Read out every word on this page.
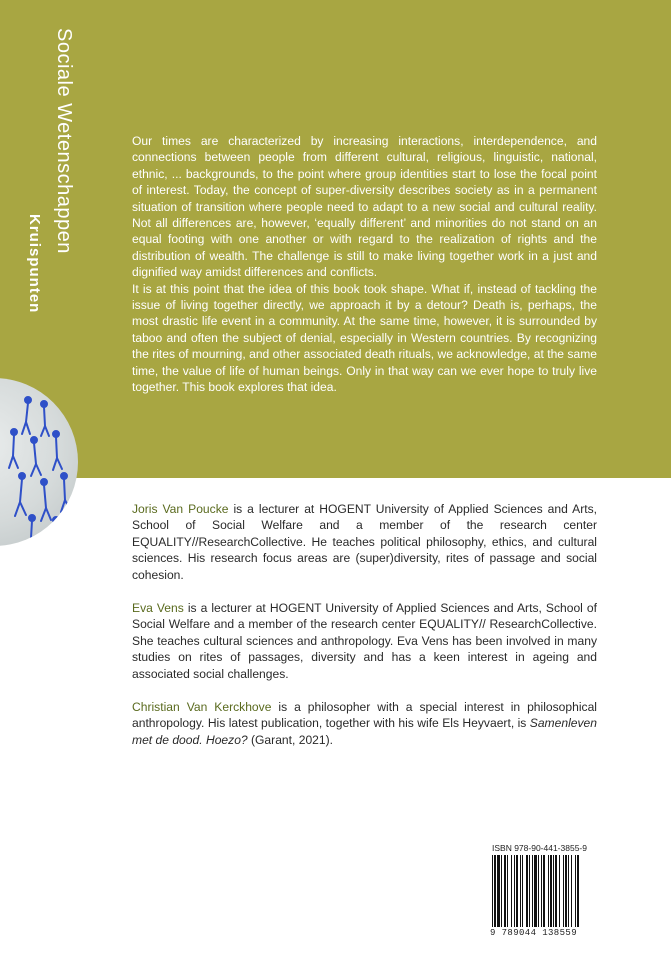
Sociale Wetenschappen
Kruispunten

Our times are characterized by increasing interactions, interdependence, and connections between people from different cultural, religious, linguistic, national, ethnic, ... backgrounds, to the point where group identities start to lose the focal point of interest. Today, the concept of super-diversity describes society as in a permanent situation of transition where people need to adapt to a new social and cultural reality. Not all differences are, however, ‘equally different’ and minorities do not stand on an equal footing with one another or with regard to the realization of rights and the distribution of wealth. The challenge is still to make living together work in a just and dignified way amidst differences and conflicts.

It is at this point that the idea of this book took shape. What if, instead of tackling the issue of living together directly, we approach it by a detour? Death is, perhaps, the most drastic life event in a community. At the same time, however, it is surrounded by taboo and often the subject of denial, especially in Western countries. By recognizing the rites of mourning, and other associated death rituals, we acknowledge, at the same time, the value of life of human beings. Only in that way can we ever hope to truly live together. This book explores that idea.

Joris Van Poucke is a lecturer at HOGENT University of Applied Sciences and Arts, School of Social Welfare and a member of the research center EQUALITY//ResearchCollective. He teaches political philosophy, ethics, and cultural sciences. His research focus areas are (super)diversity, rites of passage and social cohesion.

Eva Vens is a lecturer at HOGENT University of Applied Sciences and Arts, School of Social Welfare and a member of the research center EQUALITY// ResearchCollective. She teaches cultural sciences and anthropology. Eva Vens has been involved in many studies on rites of passages, diversity and has a keen interest in ageing and associated social challenges.

Christian Van Kerckhove is a philosopher with a special interest in philosophical anthropology. His latest publication, together with his wife Els Heyvaert, is Samenleven met de dood. Hoezo? (Garant, 2021).

ISBN 978-90-441-3855-9
9 789044 138559
